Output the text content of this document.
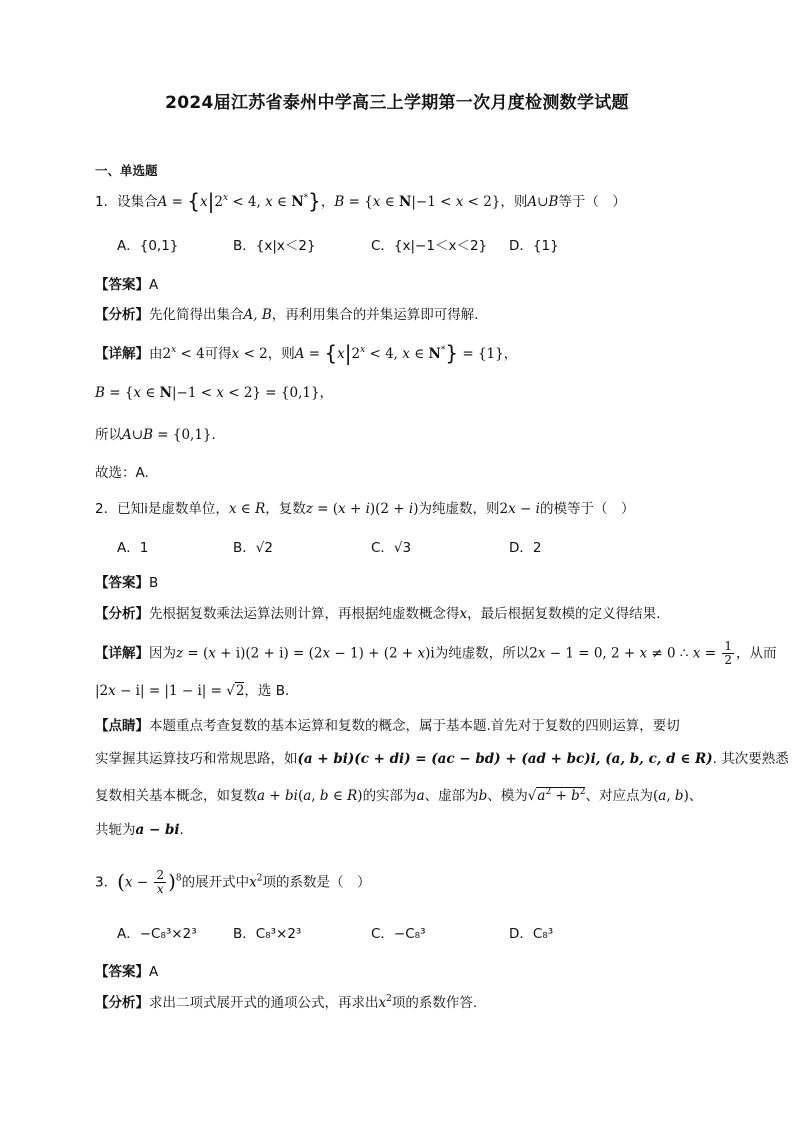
2024届江苏省泰州中学高三上学期第一次月度检测数学试题
一、单选题
1．设集合$A = \{x|2^x < 4$, x ∈ N*}，B = {x ∈ N|−1 < x < 2}，则A∪B等于（　）
A．{0,1}	B．{x|x＜2}	C．{x|−1＜x＜2} D．{1}
【答案】A
【分析】先化简得出集合A, B，再利用集合的并集运算即可得解.
【详解】由$2^x < 4$可得x < 2，则$A = \{x|2^x < 4$, x ∈ N*} = {1}，
B = {x ∈ N|−1 < x < 2} = {0,1}，
所以A∪B = {0,1}.
故选：A.
2．已知i是虚数单位，x ∈ R，复数z = (x + i)(2 + i)为纯虚数，则2x − i的模等于（　）
A．1	B．√2	C．√3	D．2
【答案】B
【分析】先根据复数乘法运算法则计算，再根据纯虚数概念得x，最后根据复数模的定义得结果.
【详解】因为z = (x + i)(2 + i) = (2x − 1) + (2 + x)i为纯虚数，所以2x − 1 = 0, 2 + x ≠ 0 ∴ $x = \frac{1}{2}$ ，从而
|2x − i| = |1 − i| = √2，选 B.
【点睛】本题重点考查复数的基本运算和复数的概念，属于基本题.首先对于复数的四则运算，要切
实掌握其运算技巧和常规思路，如(a + bi)(c + di) = (ac − bd) + (ad + bc)i, (a, b, c, d ∈ R). 其次要熟悉
复数相关基本概念，如复数a + bi(a, b ∈ R)的实部为a、虚部为b、模为$√a^2 + b^2$、对应点为(a, b)、
共轭为a − bi.
3．$(x - \frac{2}{x} )^8$的展开式中$x^2$项的系数是（　）
A．−C₈³×2³	B．C₈³×2³	C．−C₈³	D．C₈³
【答案】A
【分析】求出二项式展开式的通项公式，再求出$x^2$项的系数作答.
